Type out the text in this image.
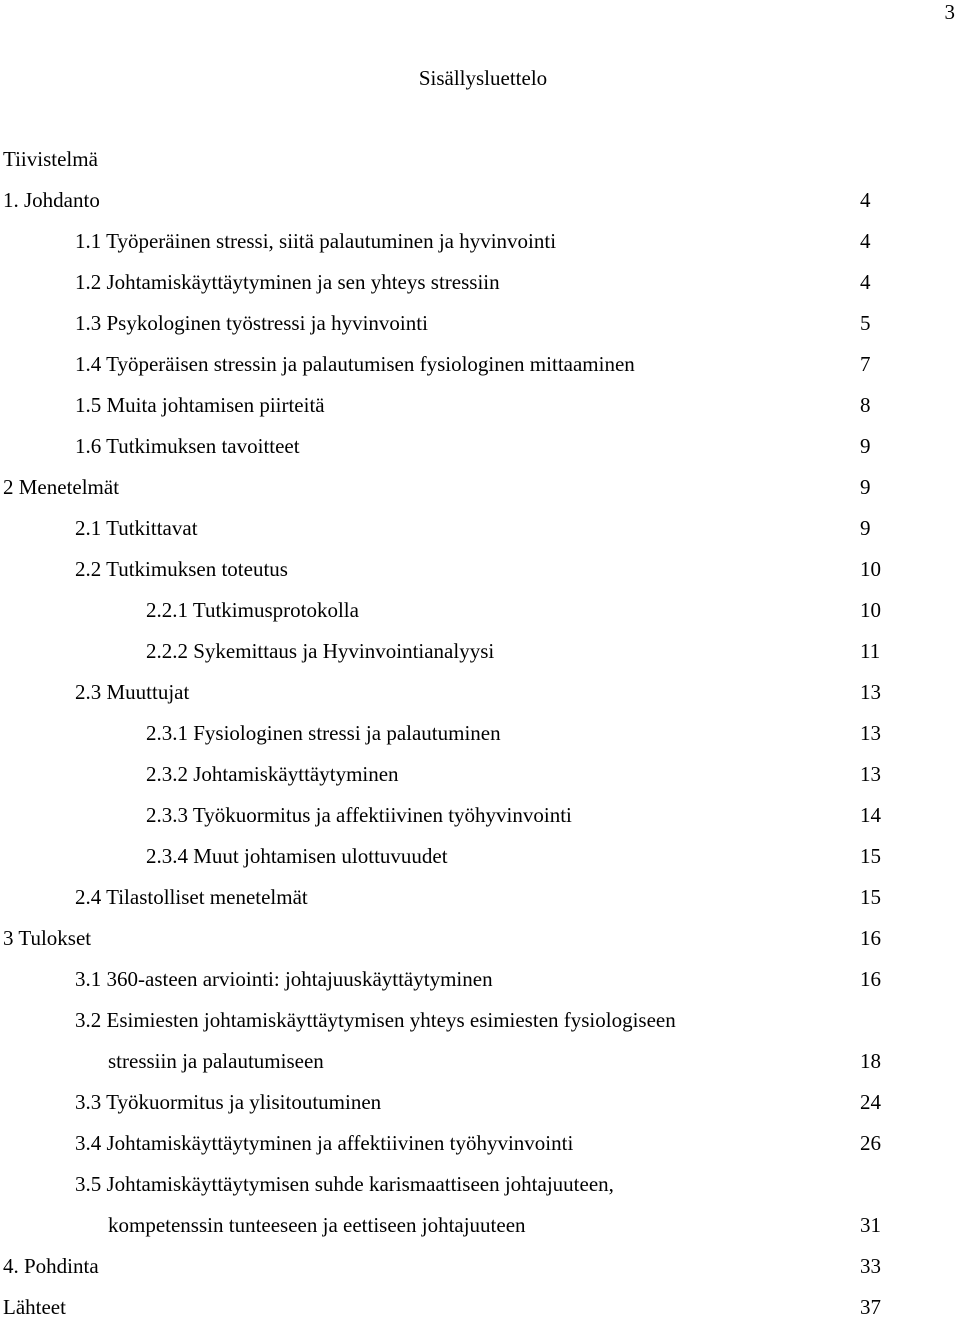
3
Sisällysluettelo
Tiivistelmä
1. Johdanto	4
1.1 Työperäinen stressi, siitä palautuminen ja hyvinvointi	4
1.2 Johtamiskäyttäytyminen ja sen yhteys stressiin	4
1.3 Psykologinen työstressi ja hyvinvointi	5
1.4 Työperäisen stressin ja palautumisen fysiologinen mittaaminen	7
1.5 Muita johtamisen piirteitä	8
1.6 Tutkimuksen tavoitteet	9
2 Menetelmät	9
2.1 Tutkittavat	9
2.2 Tutkimuksen toteutus	10
2.2.1 Tutkimusprotokolla	10
2.2.2 Sykemittaus ja Hyvinvointianalyysi	11
2.3 Muuttujat	13
2.3.1 Fysiologinen stressi ja palautuminen	13
2.3.2 Johtamiskäyttäytyminen	13
2.3.3 Työkuormitus ja affektiivinen työhyvinvointi	14
2.3.4 Muut johtamisen ulottuvuudet	15
2.4 Tilastolliset menetelmät	15
3 Tulokset	16
3.1 360-asteen arviointi: johtajuuskäyttäytyminen	16
3.2 Esimiesten johtamiskäyttäytymisen yhteys esimiesten fysiologiseen
stressiin ja palautumiseen	18
3.3 Työkuormitus ja ylisitoutuminen	24
3.4 Johtamiskäyttäytyminen ja affektiivinen työhyvinvointi	26
3.5 Johtamiskäyttäytymisen suhde karismaattiseen johtajuuteen,
kompetenssin tunteeseen ja eettiseen johtajuuteen	31
4. Pohdinta	33
Lähteet	37
